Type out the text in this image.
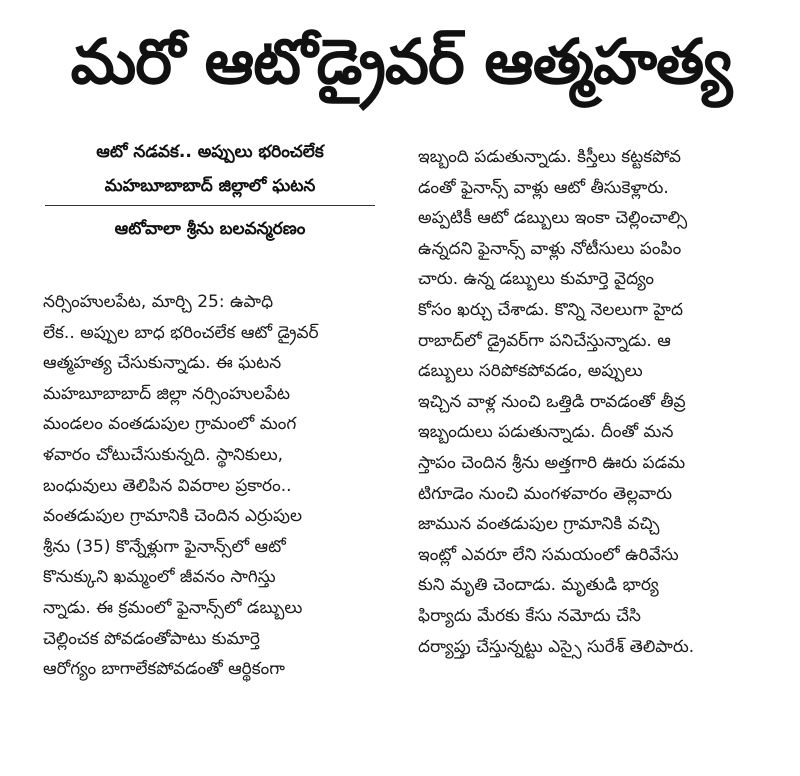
మరో ఆటోడ్రైవర్ ఆత్మహత్య
ఆటో నడవక.. అప్పులు భరించలేక
మహబూబాబాద్ జిల్లాలో ఘటన
ఆటోవాలా శ్రీను బలవన్మరణం
నర్సింహులపేట, మార్చి 25: ఉపాధి
లేక.. అప్పుల బాధ భరించలేక ఆటో డ్రైవర్
ఆత్మహత్య చేసుకున్నాడు. ఈ ఘటన
మహబూబాబాద్ జిల్లా నర్సింహులపేట
మండలం వంతడుపుల గ్రామంలో మంగ
ళవారం చోటుచేసుకున్నది. స్థానికులు,
బంధువులు తెలిపిన వివరాల ప్రకారం..
వంతడుపుల గ్రామానికి చెందిన ఎర్రుపుల
శ్రీను (35) కొన్నేళ్లుగా ఫైనాన్స్‌లో ఆటో
కొనుక్కుని ఖమ్మంలో జీవనం సాగిస్తు
న్నాడు. ఈ క్రమంలో ఫైనాన్స్‌లో డబ్బులు
చెల్లించక పోవడంతోపాటు కుమార్తె
ఆరోగ్యం బాగాలేకపోవడంతో ఆర్థికంగా
ఇబ్బంది పడుతున్నాడు. కిస్తీలు కట్టకపోవ
డంతో ఫైనాన్స్ వాళ్లు ఆటో తీసుకెళ్లారు.
అప్పటికీ ఆటో డబ్బులు ఇంకా చెల్లించాల్సి
ఉన్నదని ఫైనాన్స్ వాళ్లు నోటీసులు పంపిం
చారు. ఉన్న డబ్బులు కుమార్తె వైద్యం
కోసం ఖర్చు చేశాడు. కొన్ని నెలలుగా హైద
రాబాద్‌లో డ్రైవర్‌గా పనిచేస్తున్నాడు. ఆ
డబ్బులు సరిపోకపోవడం, అప్పులు
ఇచ్చిన వాళ్ల నుంచి ఒత్తిడి రావడంతో తీవ్ర
ఇబ్బందులు పడుతున్నాడు. దీంతో మన
స్తాపం చెందిన శ్రీను అత్తగారి ఊరు పడమ
టిగూడెం నుంచి మంగళవారం తెల్లవారు
జామున వంతడుపుల గ్రామానికి వచ్చి
ఇంట్లో ఎవరూ లేని సమయంలో ఉరివేసు
కుని మృతి చెందాడు. మృతుడి భార్య
ఫిర్యాదు మేరకు కేసు నమోదు చేసి
దర్యాప్తు చేస్తున్నట్టు ఎస్సై సురేశ్ తెలిపారు.
